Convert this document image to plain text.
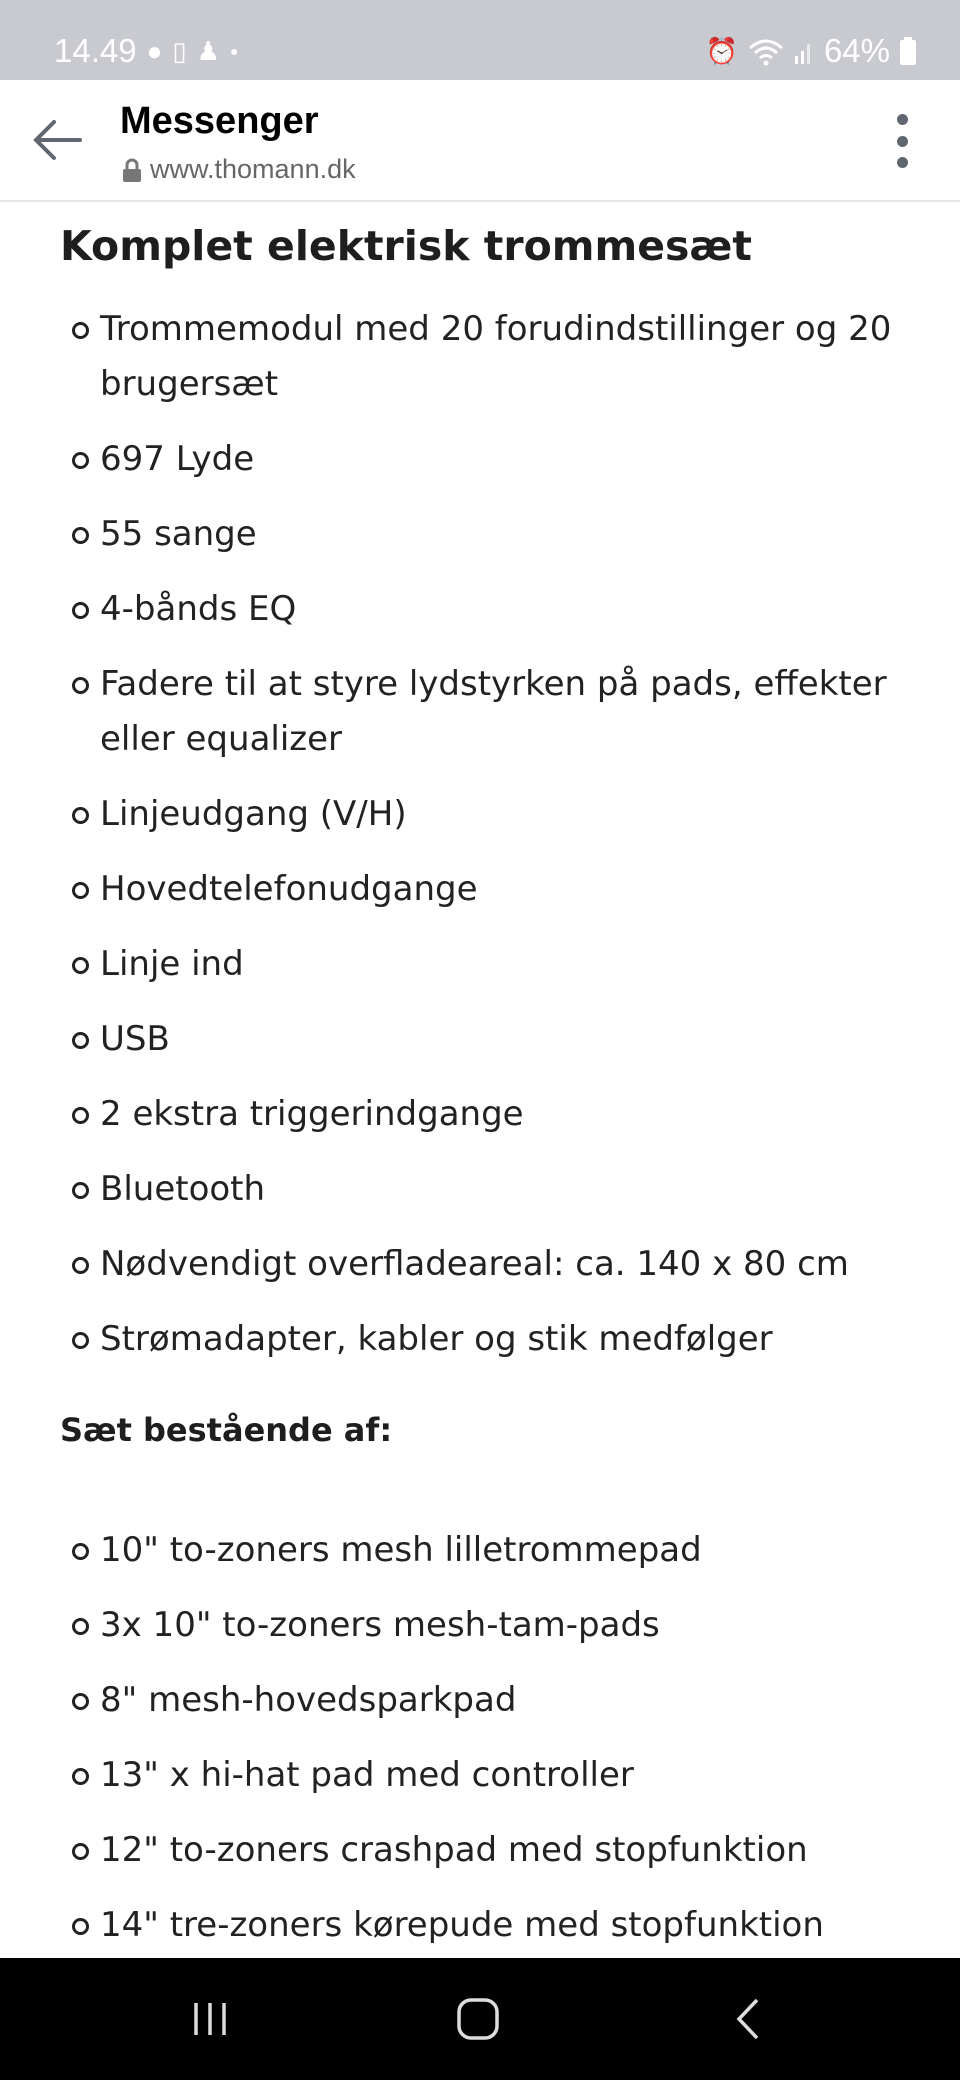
14.49 ● ▯ ♟ ●	⏰	64%
Messenger
www.thomann.dk
Komplet elektrisk trommesæt
Trommemodul med 20 forudindstillinger og 20 brugersæt
697 Lyde
55 sange
4-bånds EQ
Fadere til at styre lydstyrken på pads, effekter eller equalizer
Linjeudgang (V/H)
Hovedtelefonudgange
Linje ind
USB
2 ekstra triggerindgange
Bluetooth
Nødvendigt overfladeareal: ca. 140 x 80 cm
Strømadapter, kabler og stik medfølger
Sæt bestående af:
10" to-zoners mesh lilletrommepad
3x 10" to-zoners mesh-tam-pads
8" mesh-hovedsparkpad
13" x hi-hat pad med controller
12" to-zoners crashpad med stopfunktion
14" tre-zoners kørepude med stopfunktion
